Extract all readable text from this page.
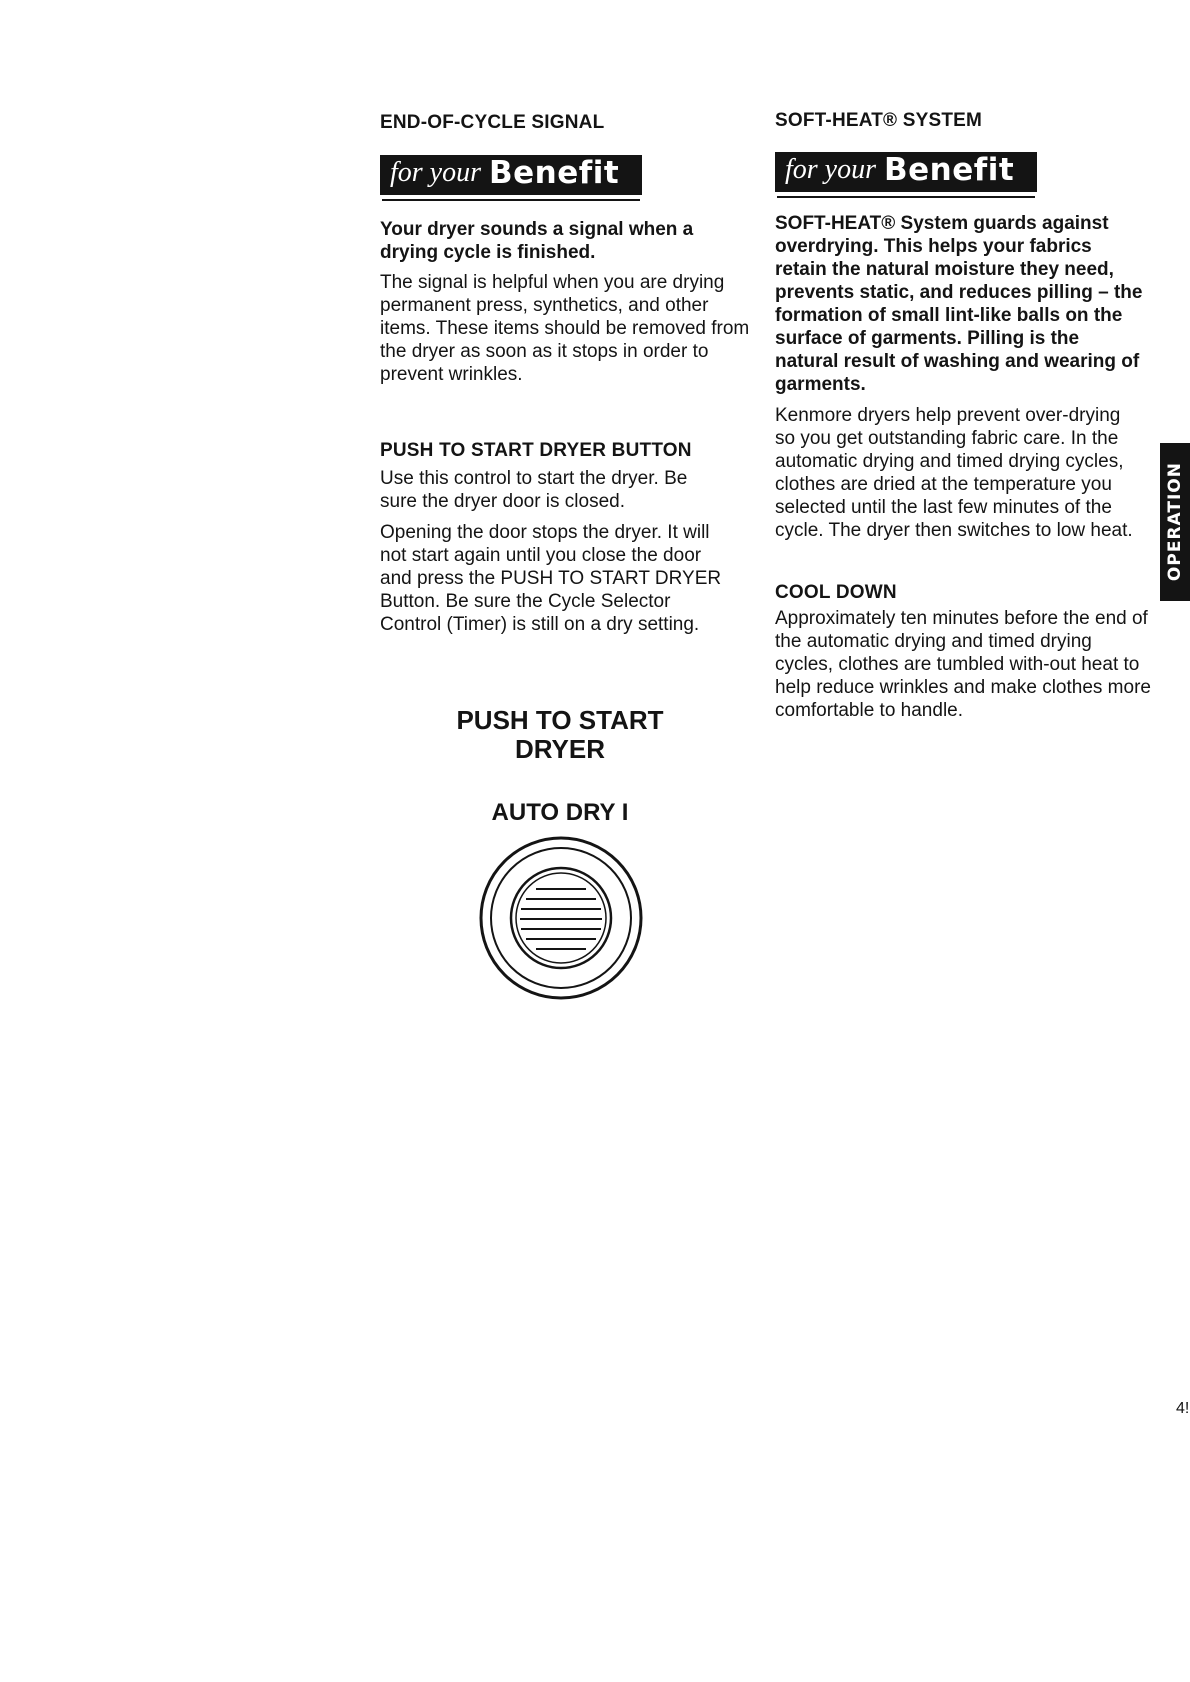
END-OF-CYCLE SIGNAL
for your Benefit

Your dryer sounds a signal when a drying cycle is finished.

The signal is helpful when you are drying permanent press, synthetics, and other items. These items should be removed from the dryer as soon as it stops in order to prevent wrinkles.

PUSH TO START DRYER BUTTON

Use this control to start the dryer. Be sure the dryer door is closed.

Opening the door stops the dryer. It will not start again until you close the door and press the PUSH TO START DRYER Button. Be sure the Cycle Selector Control (Timer) is still on a dry setting.

PUSH TO START DRYER
AUTO DRY I
SOFT-HEAT® SYSTEM
for your Benefit

SOFT-HEAT® System guards against overdrying. This helps your fabrics retain the natural moisture they need, prevents static, and reduces pilling – the formation of small lint-like balls on the surface of garments. Pilling is the natural result of washing and wearing of garments.

Kenmore dryers help prevent over-drying so you get outstanding fabric care. In the automatic drying and timed drying cycles, clothes are dried at the temperature you selected until the last few minutes of the cycle. The dryer then switches to low heat.

COOL DOWN

Approximately ten minutes before the end of the automatic drying and timed drying cycles, clothes are tumbled with-out heat to help reduce wrinkles and make clothes more comfortable to handle.

OPERATION
4!
